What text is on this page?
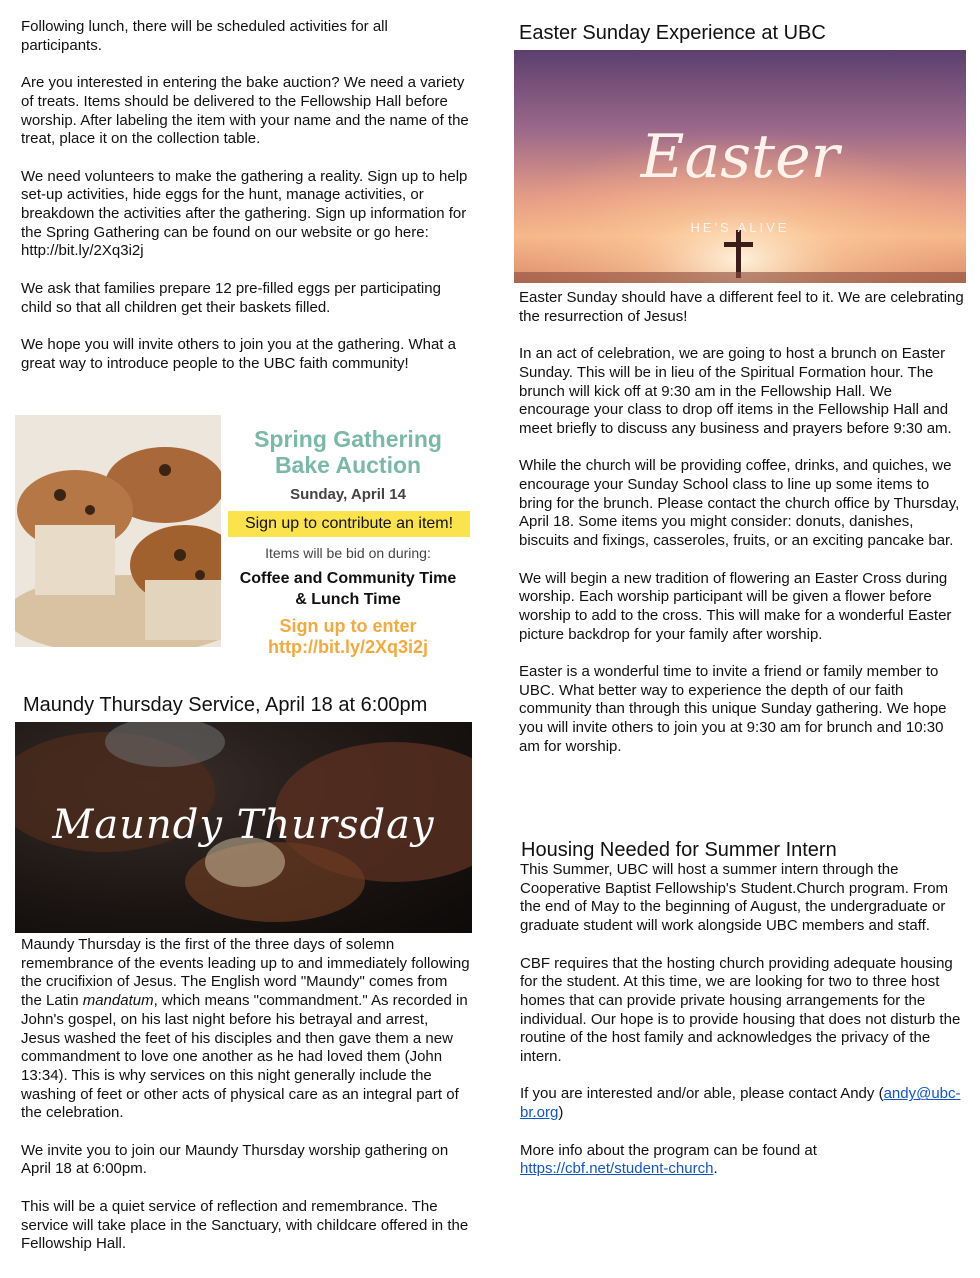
Following lunch, there will be scheduled activities for all participants.

Are you interested in entering the bake auction? We need a variety of treats. Items should be delivered to the Fellowship Hall before worship. After labeling the item with your name and the name of the treat, place it on the collection table.

We need volunteers to make the gathering a reality. Sign up to help set-up activities, hide eggs for the hunt, manage activities, or breakdown the activities after the gathering. Sign up information for the Spring Gathering can be found on our website or go here: http://bit.ly/2Xq3i2j

We ask that families prepare 12 pre-filled eggs per participating child so that all children get their baskets filled.

We hope you will invite others to join you at the gathering. What a great way to introduce people to the UBC faith community!

Spring Gathering
Bake Auction
Sunday, April 14
Sign up to contribute an item!
Items will be bid on during:
Coffee and Community Time
& Lunch Time
Sign up to enter
http://bit.ly/2Xq3i2j
Maundy Thursday Service, April 18 at 6:00pm
Maundy Thursday

Maundy Thursday is the first of the three days of solemn remembrance of the events leading up to and immediately following the crucifixion of Jesus. The English word "Maundy" comes from the Latin mandatum, which means "commandment." As recorded in John's gospel, on his last night before his betrayal and arrest, Jesus washed the feet of his disciples and then gave them a new commandment to love one another as he had loved them (John 13:34). This is why services on this night generally include the washing of feet or other acts of physical care as an integral part of the celebration.

We invite you to join our Maundy Thursday worship gathering on April 18 at 6:00pm.

This will be a quiet service of reflection and remembrance. The service will take place in the Sanctuary, with childcare offered in the Fellowship Hall.

Easter Sunday Experience at UBC
Easter
HE'S ALIVE

Easter Sunday should have a different feel to it. We are celebrating the resurrection of Jesus!

In an act of celebration, we are going to host a brunch on Easter Sunday. This will be in lieu of the Spiritual Formation hour. The brunch will kick off at 9:30 am in the Fellowship Hall. We encourage your class to drop off items in the Fellowship Hall and meet briefly to discuss any business and prayers before 9:30 am.

While the church will be providing coffee, drinks, and quiches, we encourage your Sunday School class to line up some items to bring for the brunch. Please contact the church office by Thursday, April 18. Some items you might consider: donuts, danishes, biscuits and fixings, casseroles, fruits, or an exciting pancake bar.

We will begin a new tradition of flowering an Easter Cross during worship. Each worship participant will be given a flower before worship to add to the cross. This will make for a wonderful Easter picture backdrop for your family after worship.

Easter is a wonderful time to invite a friend or family member to UBC. What better way to experience the depth of our faith community than through this unique Sunday gathering. We hope you will invite others to join you at 9:30 am for brunch and 10:30 am for worship.

Housing Needed for Summer Intern

This Summer, UBC will host a summer intern through the Cooperative Baptist Fellowship's Student.Church program. From the end of May to the beginning of August, the undergraduate or graduate student will work alongside UBC members and staff.

CBF requires that the hosting church providing adequate housing for the student. At this time, we are looking for two to three host homes that can provide private housing arrangements for the individual. Our hope is to provide housing that does not disturb the routine of the host family and acknowledges the privacy of the intern.

If you are interested and/or able, please contact Andy (andy@ubc-br.org)

More info about the program can be found at https://cbf.net/student-church.
